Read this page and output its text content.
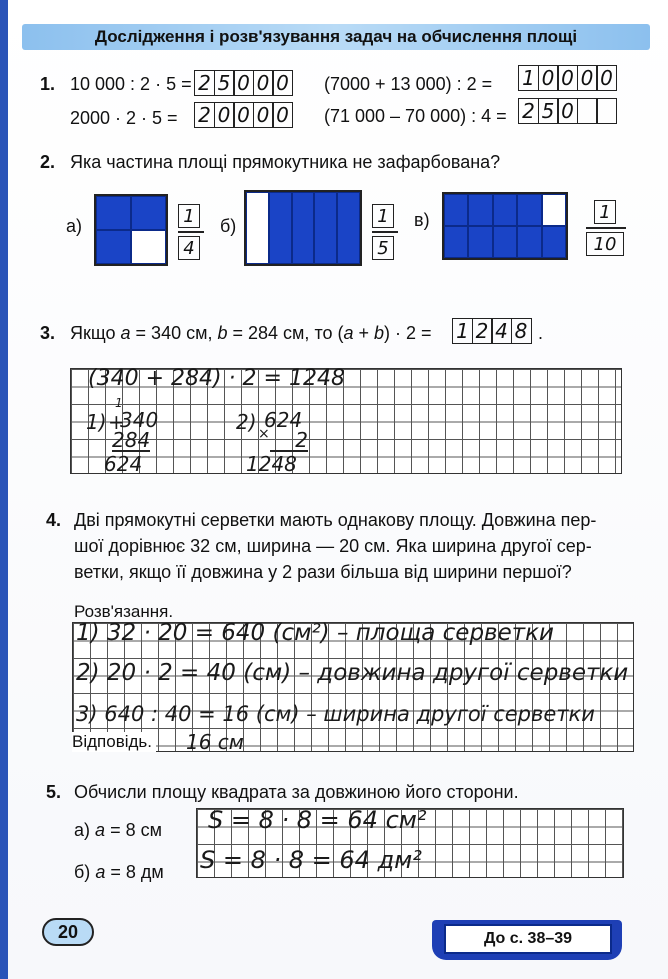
Дослідження і розв'язування задач на обчислення площі
1. 10 000 : 2 · 5 = 2 5 0 0 0 (7000 + 13 000) : 2 = 1 0 0 0 0
2000 · 2 · 5 = 2 0 0 0 0 (71 000 – 70 000) : 4 = 2 5 0
2. Яка частина площі прямокутника не зафарбована?
а)	$\frac{1}{4} б$)	$\frac{1}{5} в$)	$\frac{1}{10}$
3. Якщо a = 340 см, b = 284 см, то (a + b) · 2 = 1 2 4 8 .
(340 + 284) · 2 = 1248
1)
1
+
340
284
624
2) ×
624
2
1248
4. Дві прямокутні серветки мають однакову площу. Довжина пер-
шої дорівнює 32 см, ширина — 20 см. Яка ширина другої сер-
ветки, якщо її довжина у 2 рази більша від ширини першої?
Розв'язання.
Відповідь.
1) 32 · 20 = 640 (см²) – площа серветки
2) 20 · 2 = 40 (см) – довжина другої серветки
3) 640 : 40 = 16 (см) – ширина другої серветки
16 см
5. Обчисли площу квадрата за довжиною його сторони.
а) a = 8 см
б) a = 8 дм
S = 8 · 8 = 64 см²
S = 8 · 8 = 64 дм²
20	До с. 38–39
